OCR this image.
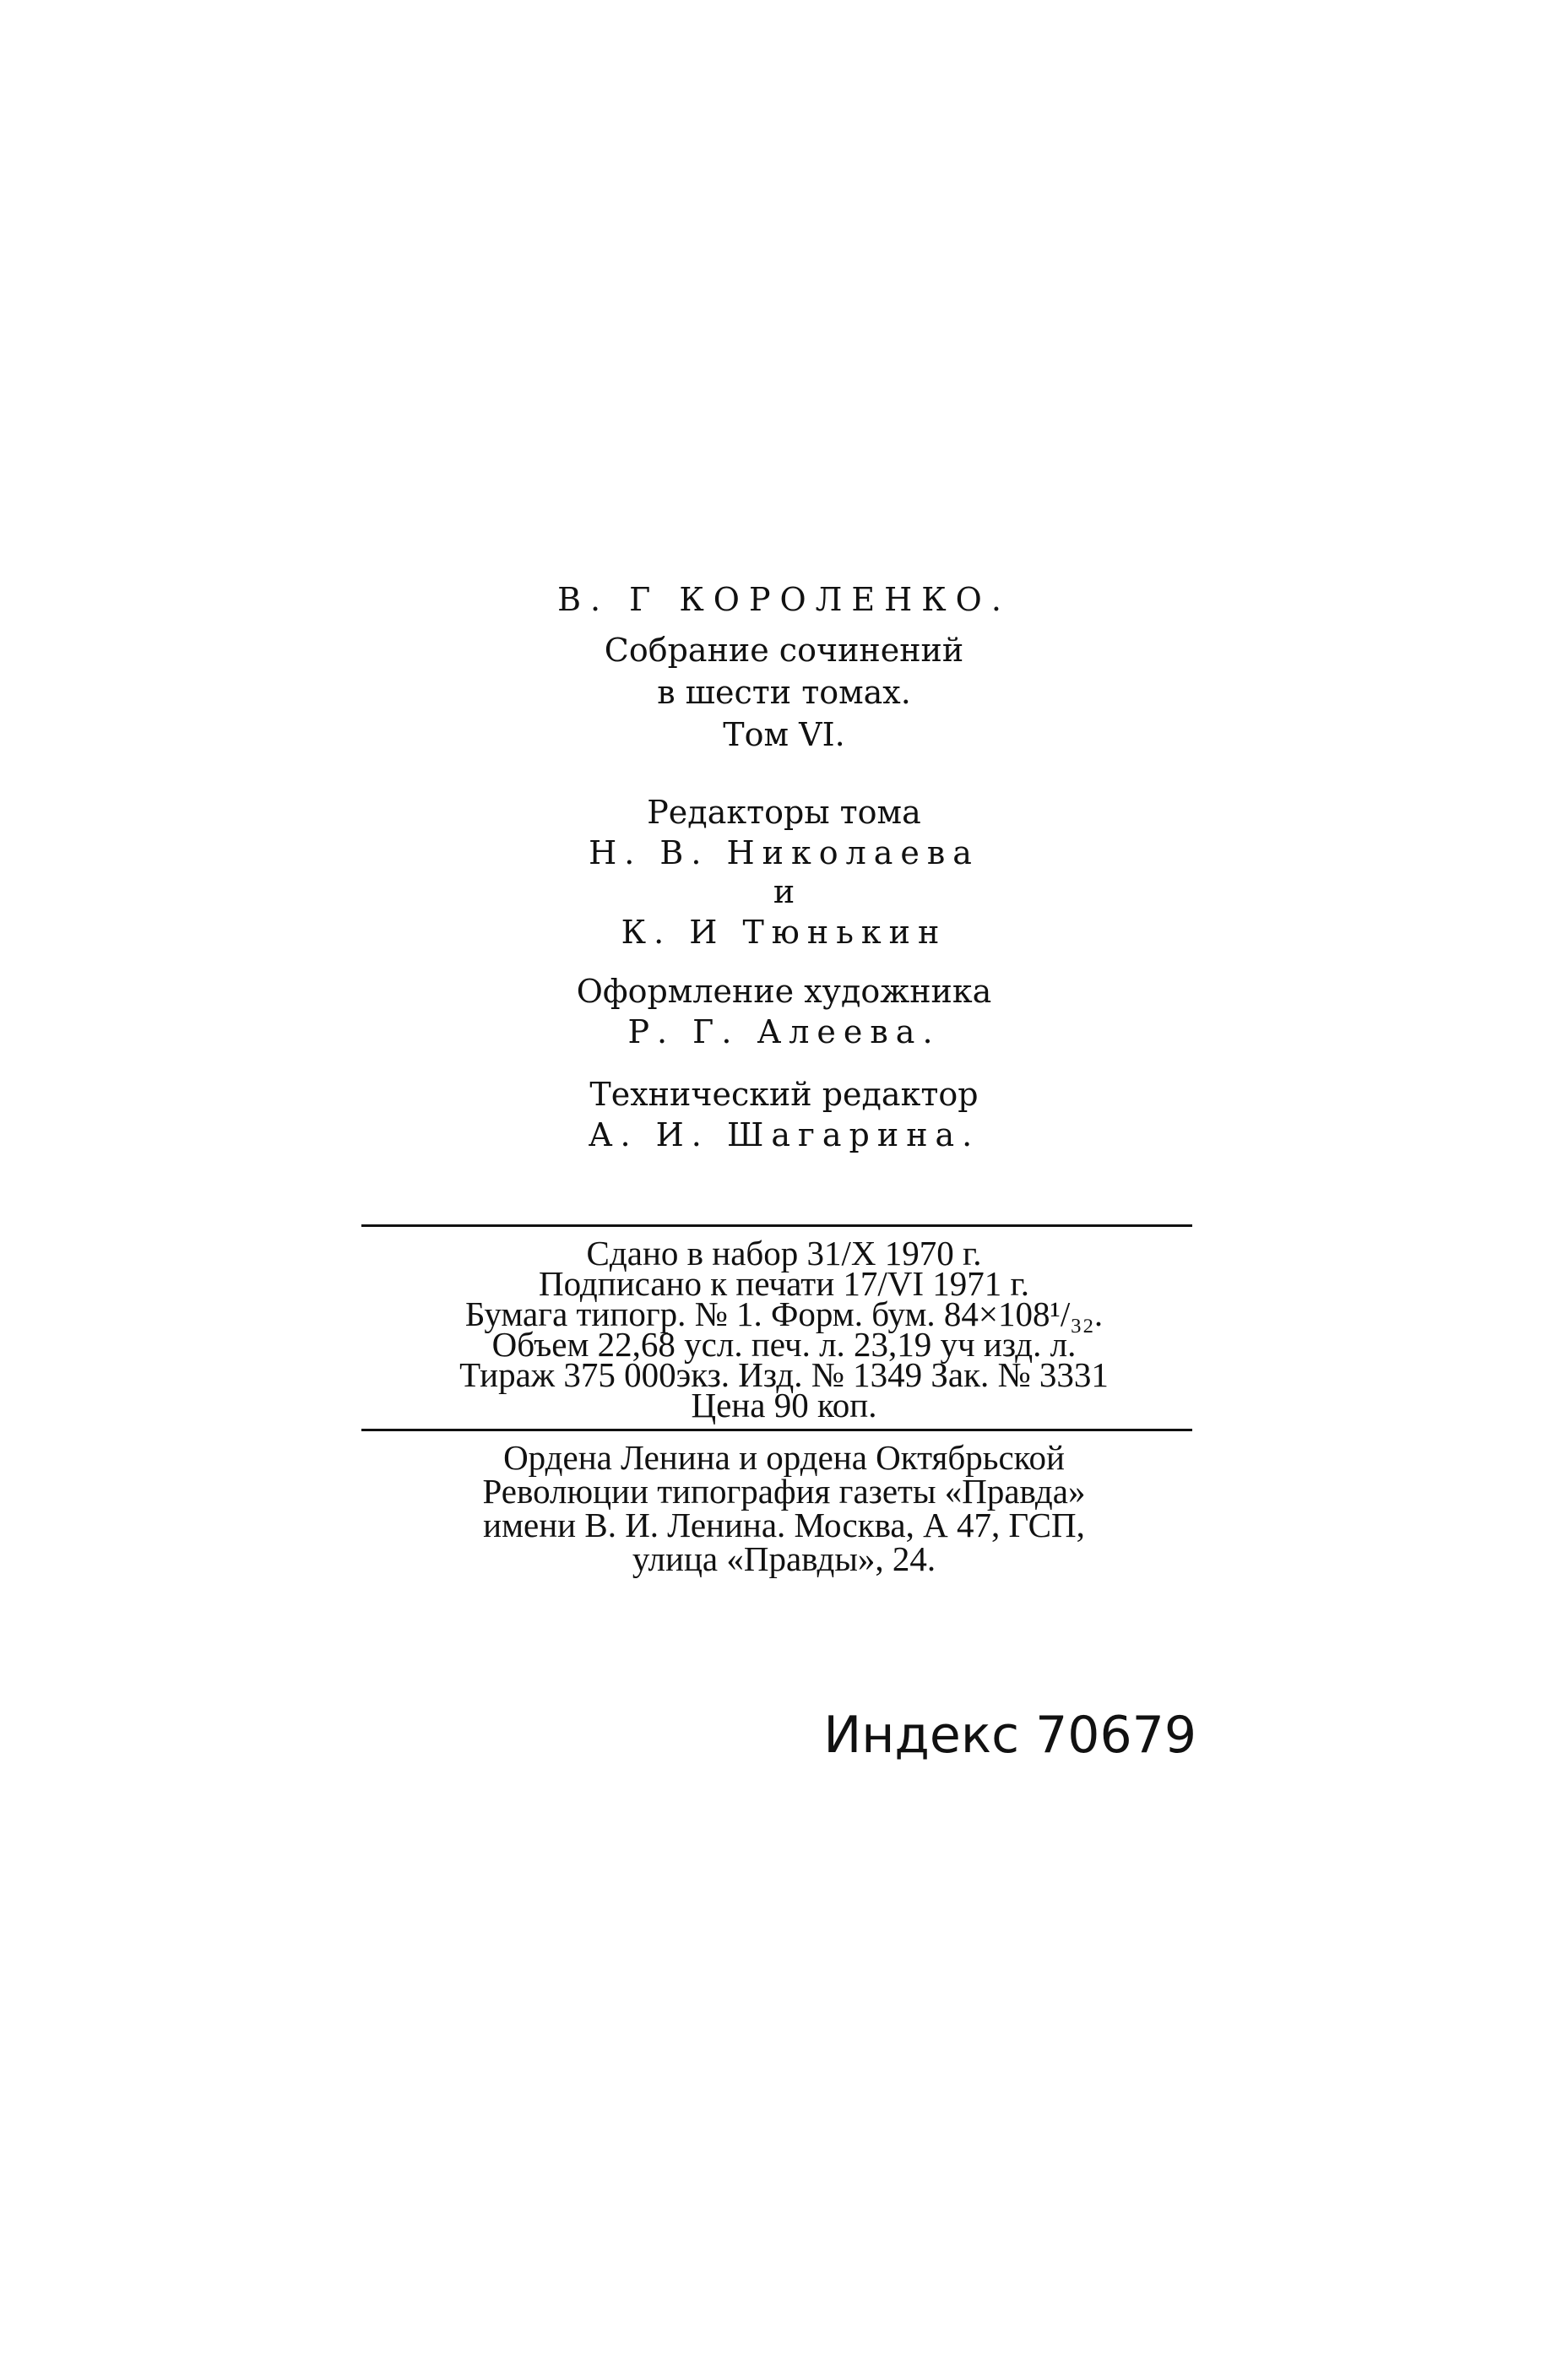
В. Г КОРОЛЕНКО.
Собрание сочинений
в шести томах.
Том VI.
Редакторы тома
Н. В. Николаева
и
К. И Тюнькин
Оформление художника
Р. Г. Алеева.
Технический редактор
А. И. Шагарина.
Сдано в набор 31/X 1970 г.
Подписано к печати 17/VI 1971 г.
Бумага типогр. № 1. Форм. бум. 84×108¹/₃₂.
Объем 22,68 усл. печ. л. 23,19 уч изд. л.
Тираж 375 000экз. Изд. № 1349 Зак. № 3331
Цена 90 коп.
Ордена Ленина и ордена Октябрьской
Революции типография газеты «Правда»
имени В. И. Ленина. Москва, А 47, ГСП,
улица «Правды», 24.
Индекс 70679
